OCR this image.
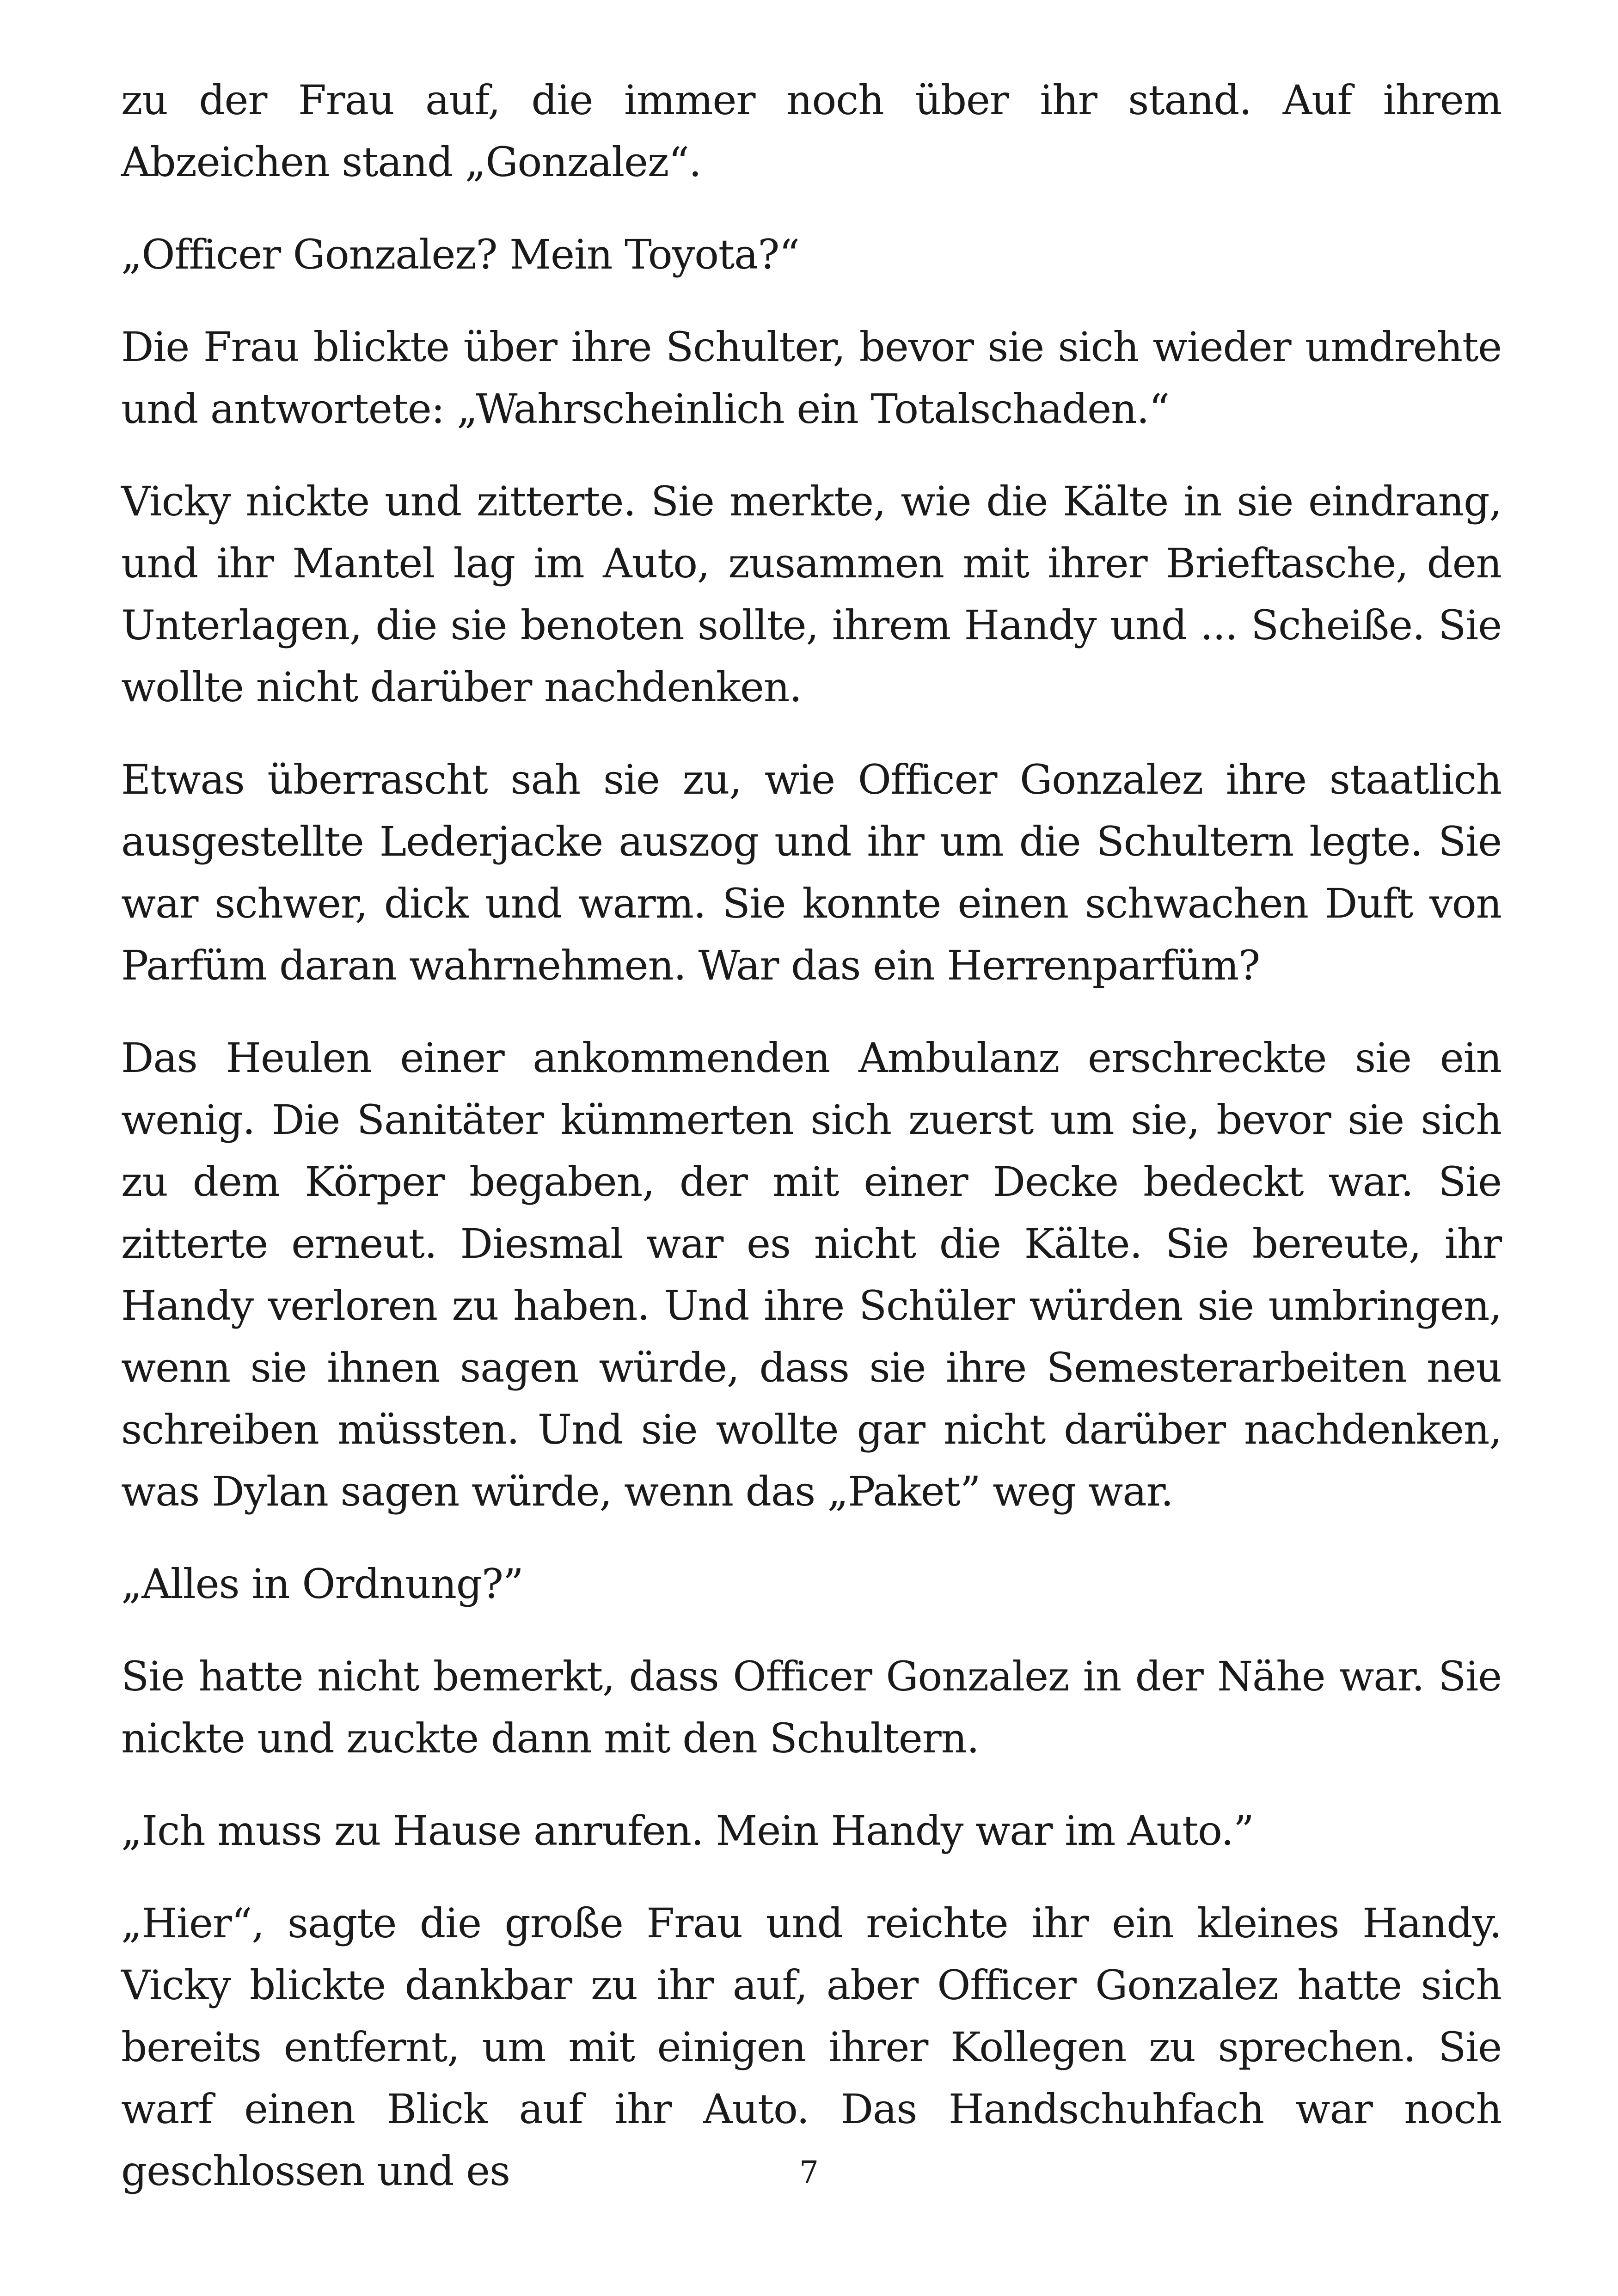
zu der Frau auf, die immer noch über ihr stand. Auf ihrem Abzeichen stand „Gonzalez“.

„Officer Gonzalez? Mein Toyota?“

Die Frau blickte über ihre Schulter, bevor sie sich wieder umdrehte und antwortete: „Wahrscheinlich ein Totalschaden.“

Vicky nickte und zitterte. Sie merkte, wie die Kälte in sie eindrang, und ihr Mantel lag im Auto, zusammen mit ihrer Brieftasche, den Unterlagen, die sie benoten sollte, ihrem Handy und ... Scheiße. Sie wollte nicht darüber nachdenken.

Etwas überrascht sah sie zu, wie Officer Gonzalez ihre staatlich ausgestellte Lederjacke auszog und ihr um die Schultern legte. Sie war schwer, dick und warm. Sie konnte einen schwachen Duft von Parfüm daran wahrnehmen. War das ein Herrenparfüm?

Das Heulen einer ankommenden Ambulanz erschreckte sie ein wenig. Die Sanitäter kümmerten sich zuerst um sie, bevor sie sich zu dem Körper begaben, der mit einer Decke bedeckt war. Sie zitterte erneut. Diesmal war es nicht die Kälte. Sie bereute, ihr Handy verloren zu haben. Und ihre Schüler würden sie umbringen, wenn sie ihnen sagen würde, dass sie ihre Semesterarbeiten neu schreiben müssten. Und sie wollte gar nicht darüber nachdenken, was Dylan sagen würde, wenn das „Paket” weg war.

„Alles in Ordnung?”

Sie hatte nicht bemerkt, dass Officer Gonzalez in der Nähe war. Sie nickte und zuckte dann mit den Schultern.

„Ich muss zu Hause anrufen. Mein Handy war im Auto.”

„Hier“, sagte die große Frau und reichte ihr ein kleines Handy. Vicky blickte dankbar zu ihr auf, aber Officer Gonzalez hatte sich bereits entfernt, um mit einigen ihrer Kollegen zu sprechen. Sie warf einen Blick auf ihr Auto. Das Handschuhfach war noch geschlossen und es	7
